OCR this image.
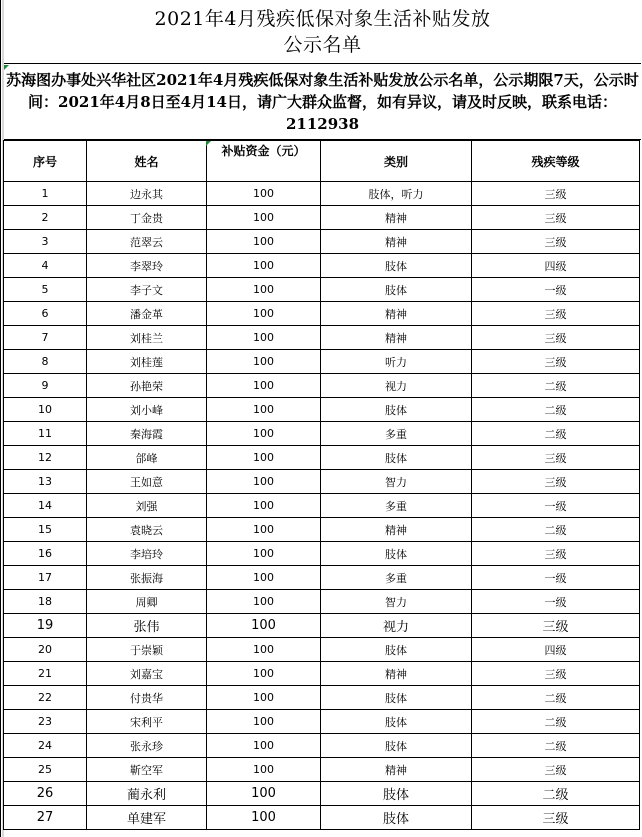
2021年4月残疾低保对象生活补贴发放
公示名单
苏海图办事处兴华社区2021年4月残疾低保对象生活补贴发放公示名单，公示期限7天，公示时间：2021年4月8日至4月14日，请广大群众监督，如有异议，请及时反映，联系电话：2112938
序号	姓名	补贴资金（元）	类别	残疾等级
1	边永其	100	肢体，听力	三级
2	丁金贵	100	精神	三级
3	范翠云	100	精神	三级
4	李翠玲	100	肢体	四级
5	李子文	100	肢体	一级
6	潘金革	100	精神	三级
7	刘桂兰	100	精神	三级
8	刘桂莲	100	听力	三级
9	孙艳荣	100	视力	二级
10	刘小峰	100	肢体	二级
11	秦海霞	100	多重	二级
12	郃峰	100	肢体	三级
13	王如意	100	智力	三级
14	刘强	100	多重	一级
15	袁晓云	100	精神	二级
16	李培玲	100	肢体	三级
17	张振海	100	多重	一级
18	周卿	100	智力	一级
19	张伟	100	视力	三级
20	于崇颖	100	肢体	四级
21	刘嘉宝	100	精神	三级
22	付贵华	100	肢体	二级
23	宋利平	100	肢体	二级
24	张永珍	100	肢体	二级
25	靳空军	100	精神	三级
26	蔺永利	100	肢体	二级
27	单建军	100	肢体	三级
